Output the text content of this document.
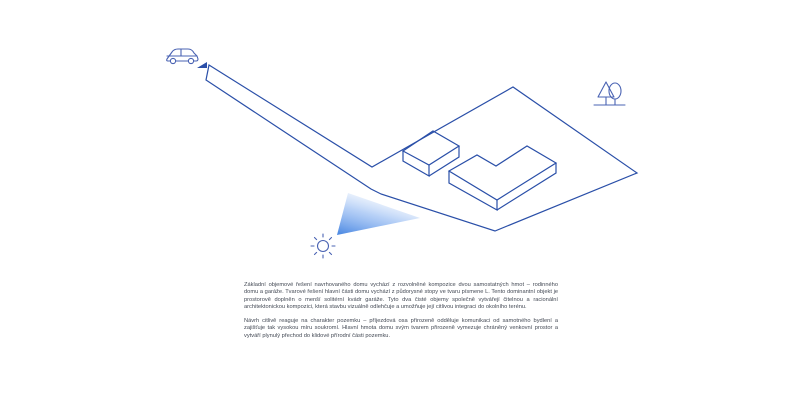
Základní objemové řešení navrhovaného domu vychází z rozvolněné kompozice dvou samostatných hmot – rodinného domu a garáže. Tvarové řešení hlavní části domu vychází z půdorysné stopy ve tvaru písmene L. Tento dominantní objekt je prostorově doplněn o menší solitérní kvádr garáže. Tyto dva čisté objemy společně vytvářejí čitelnou a racionální architektonickou kompozici, která stavbu vizuálně odlehčuje a umožňuje její citlivou integraci do okolního terénu.

Návrh citlivě reaguje na charakter pozemku – příjezdová osa přirozeně odděluje komunikaci od samotného bydlení a zajišťuje tak vysokou míru soukromí. Hlavní hmota domu svým tvarem přirozeně vymezuje chráněný venkovní prostor a vytváří plynulý přechod do klidové přírodní části pozemku.
